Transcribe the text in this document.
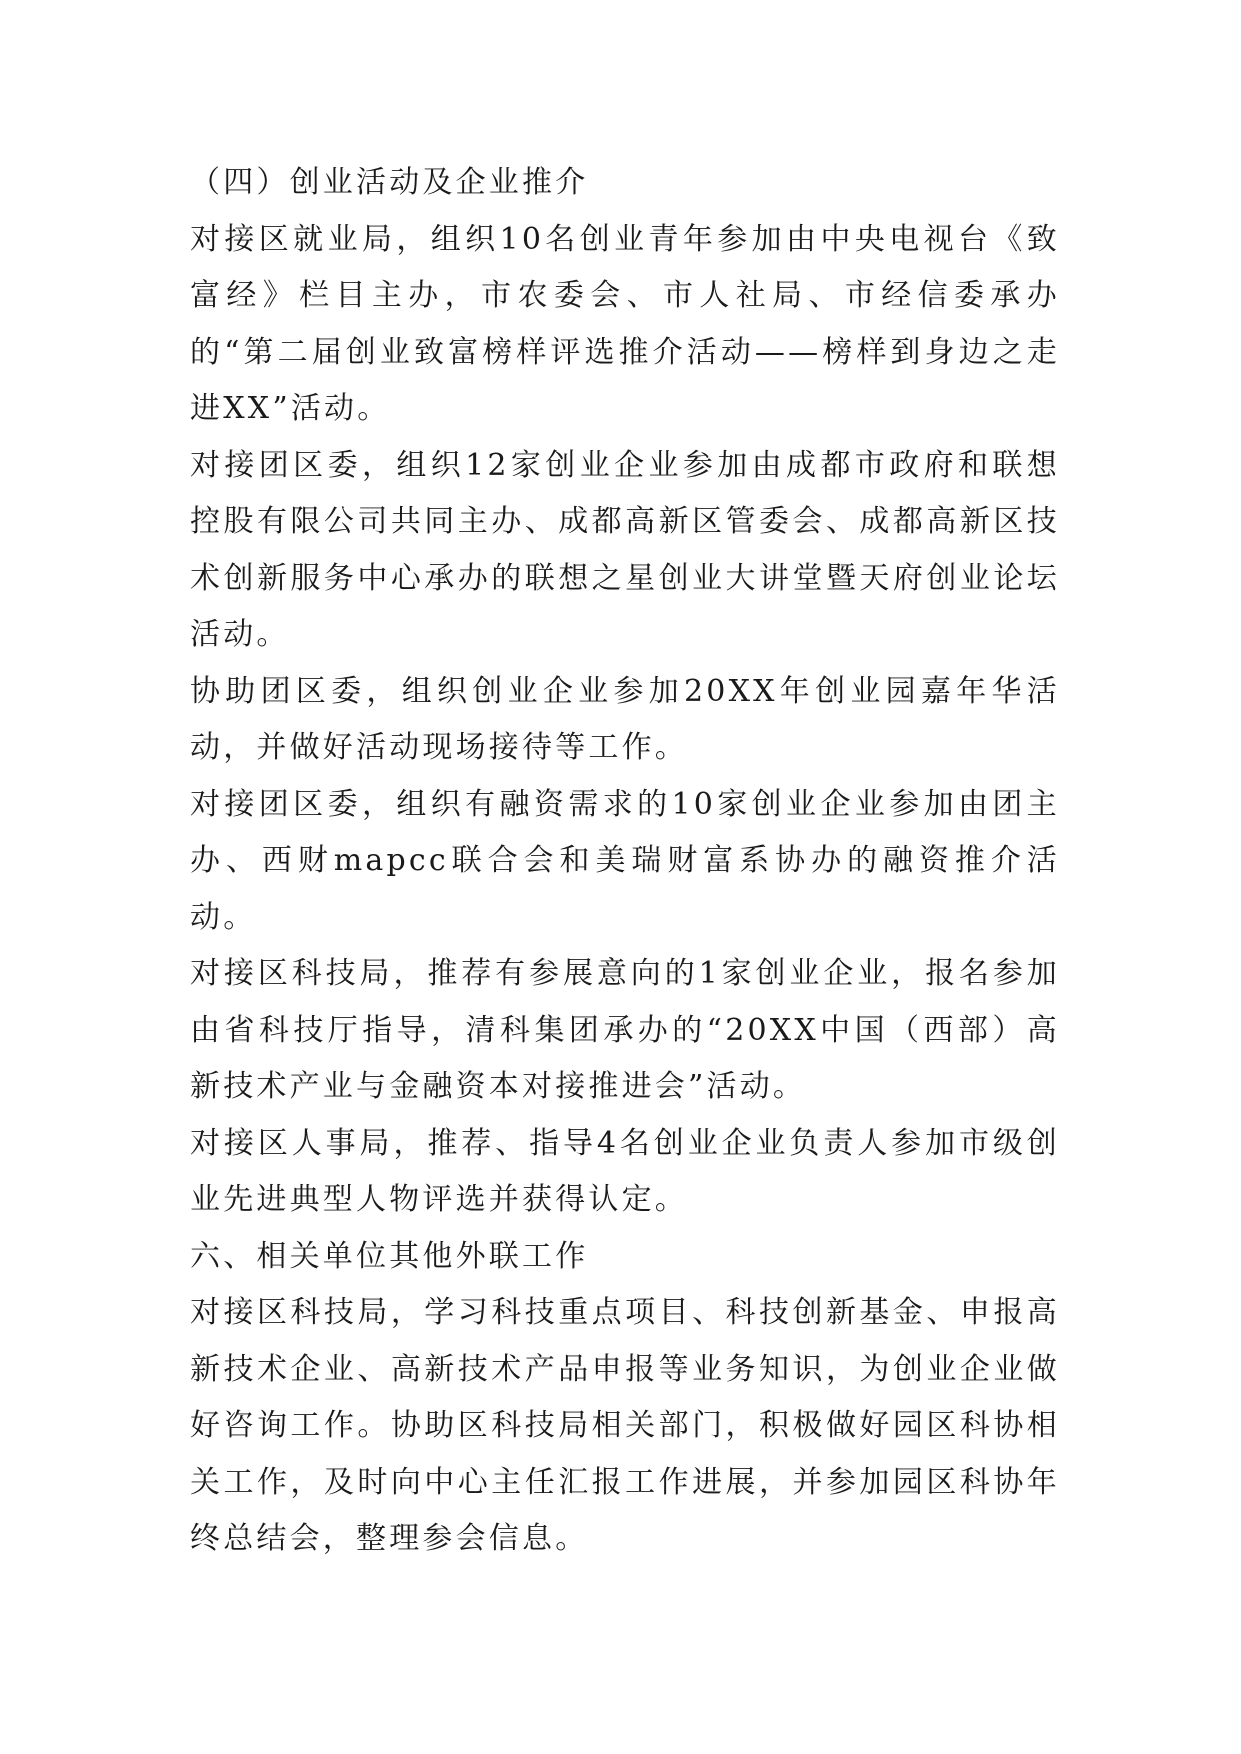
（四）创业活动及企业推介

对接区就业局，组织10名创业青年参加由中央电视台《致富经》栏目主办，市农委会、市人社局、市经信委承办的“第二届创业致富榜样评选推介活动——榜样到身边之走进XX”活动。

对接团区委，组织12家创业企业参加由成都市政府和联想控股有限公司共同主办、成都高新区管委会、成都高新区技术创新服务中心承办的联想之星创业大讲堂暨天府创业论坛活动。

协助团区委，组织创业企业参加20XX年创业园嘉年华活动，并做好活动现场接待等工作。

对接团区委，组织有融资需求的10家创业企业参加由团主办、西财mapcc联合会和美瑞财富系协办的融资推介活动。

对接区科技局，推荐有参展意向的1家创业企业，报名参加由省科技厅指导，清科集团承办的“20XX中国（西部）高新技术产业与金融资本对接推进会”活动。

对接区人事局，推荐、指导4名创业企业负责人参加市级创业先进典型人物评选并获得认定。

六、相关单位其他外联工作

对接区科技局，学习科技重点项目、科技创新基金、申报高新技术企业、高新技术产品申报等业务知识，为创业企业做好咨询工作。协助区科技局相关部门，积极做好园区科协相关工作，及时向中心主任汇报工作进展，并参加园区科协年终总结会，整理参会信息。
